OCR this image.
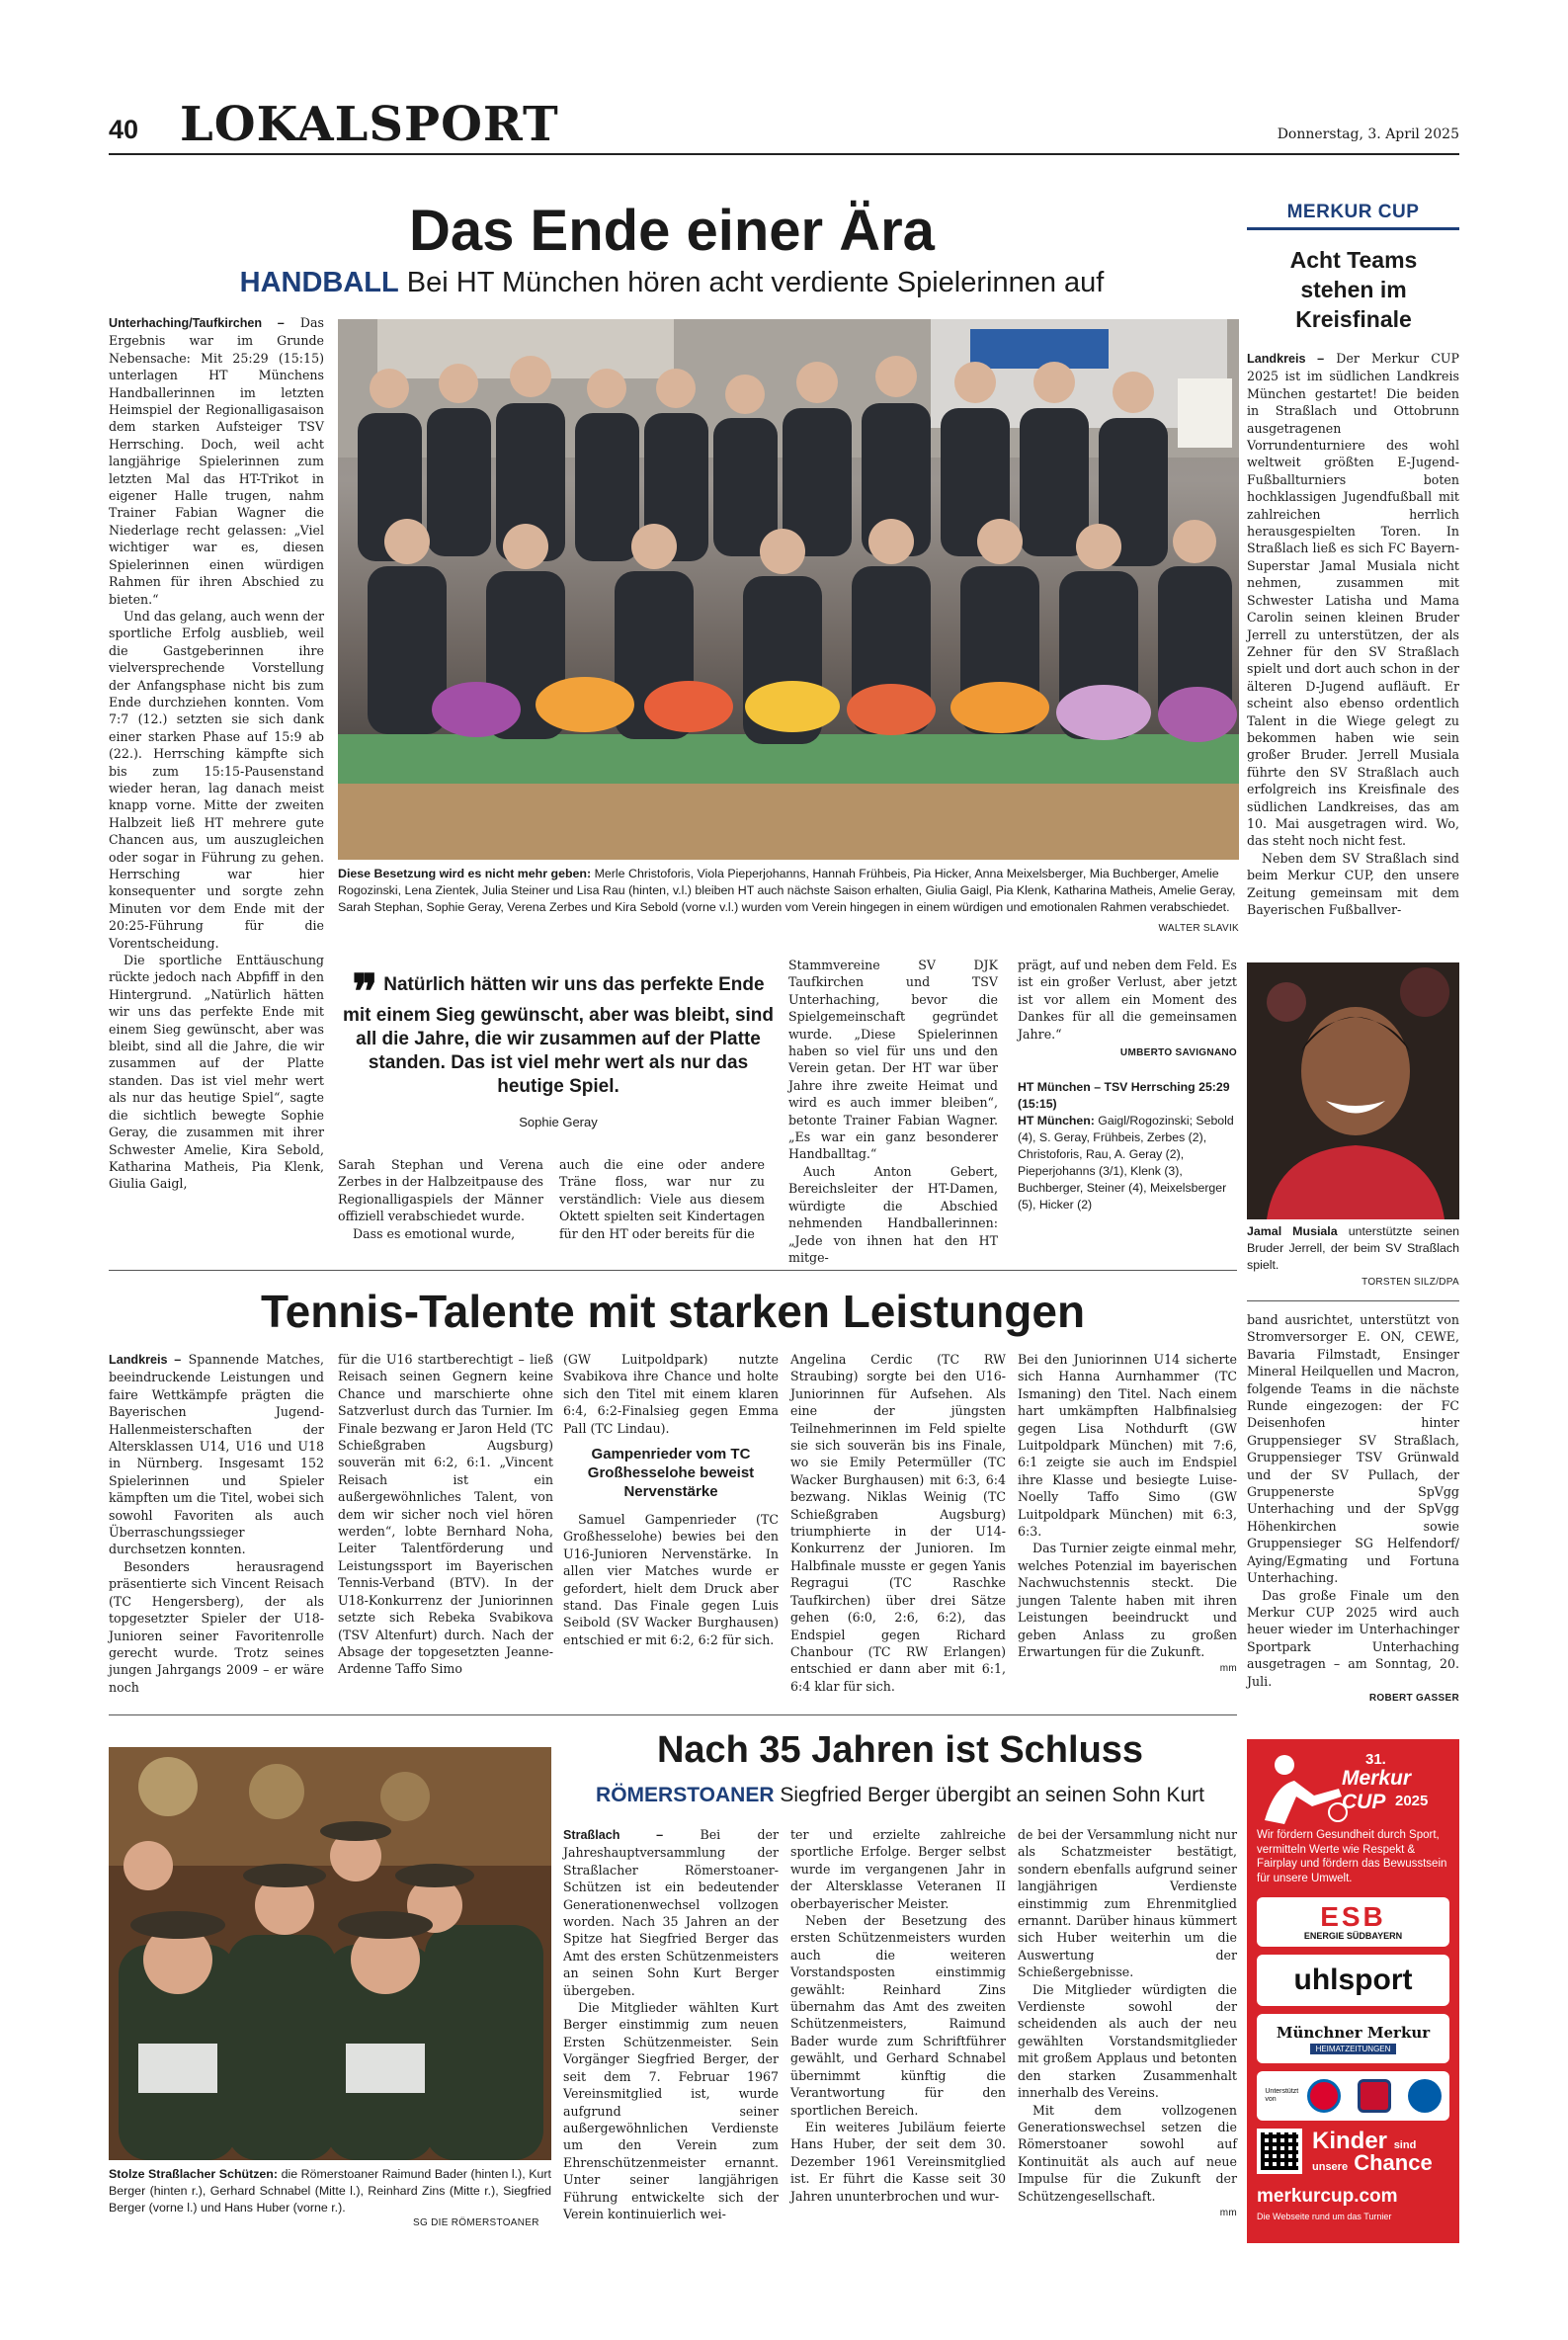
40 LOKALSPORT	Donnerstag, 3. April 2025
Das Ende einer Ära
HANDBALL Bei HT München hören acht verdiente Spielerinnen auf

Unterhaching/Taufkirchen – Das Ergebnis war im Grunde Nebensache: Mit 25:29 (15:15) unterlagen HT Münchens Handballerinnen im letzten Heimspiel der Regionalligasaison dem starken Aufsteiger TSV Herrsching. Doch, weil acht langjährige Spielerinnen zum letzten Mal das HT-Trikot in eigener Halle trugen, nahm Trainer Fabian Wagner die Niederlage recht gelassen: „Viel wichtiger war es, diesen Spielerinnen einen würdigen Rahmen für ihren Abschied zu bieten.“

Und das gelang, auch wenn der sportliche Erfolg ausblieb, weil die Gastgeberinnen ihre vielversprechende Vorstellung der Anfangsphase nicht bis zum Ende durchziehen konnten. Vom 7:7 (12.) setzten sie sich dank einer starken Phase auf 15:9 ab (22.). Herrsching kämpfte sich bis zum 15:15-Pausenstand wieder heran, lag danach meist knapp vorne. Mitte der zweiten Halbzeit ließ HT mehrere gute Chancen aus, um auszugleichen oder sogar in Führung zu gehen. Herrsching war hier konsequenter und sorgte zehn Minuten vor dem Ende mit der 20:25-Führung für die Vorentscheidung.

Die sportliche Enttäuschung rückte jedoch nach Abpfiff in den Hintergrund. „Natürlich hätten wir uns das perfekte Ende mit einem Sieg gewünscht, aber was bleibt, sind all die Jahre, die wir zusammen auf der Platte standen. Das ist viel mehr wert als nur das heutige Spiel“, sagte die sichtlich bewegte Sophie Geray, die zusammen mit ihrer Schwester Amelie, Kira Sebold, Katharina Matheis, Pia Klenk, Giulia Gaigl,

Diese Besetzung wird es nicht mehr geben: Merle Christoforis, Viola Pieperjohanns, Hannah Frühbeis, Pia Hicker, Anna Meixelsberger, Mia Buchberger, Amelie Rogozinski, Lena Zientek, Julia Steiner und Lisa Rau (hinten, v.l.) bleiben HT auch nächste Saison erhalten, Giulia Gaigl, Pia Klenk, Katharina Matheis, Amelie Geray, Sarah Stephan, Sophie Geray, Verena Zerbes und Kira Sebold (vorne v.l.) wurden vom Verein hingegen in einem würdigen und emotionalen Rahmen verabschiedet.
WALTER SLAVIK
❞ Natürlich hätten wir uns das perfekte Ende mit einem Sieg gewünscht, aber was bleibt, sind all die Jahre, die wir zusammen auf der Platte standen. Das ist viel mehr wert als nur das heutige Spiel.
Sophie Geray

Sarah Stephan und Verena Zerbes in der Halbzeitpause des Regionalligaspiels der Männer offiziell verabschiedet wurde.

Dass es emotional wurde,

auch die eine oder andere Träne floss, war nur zu verständlich: Viele aus diesem Oktett spielten seit Kindertagen für den HT oder bereits für die

Stammvereine SV DJK Taufkirchen und TSV Unterhaching, bevor die Spielgemeinschaft gegründet wurde. „Diese Spielerinnen haben so viel für uns und den Verein getan. Der HT war über Jahre ihre zweite Heimat und wird es auch immer bleiben“, betonte Trainer Fabian Wagner. „Es war ein ganz besonderer Handballtag.“

Auch Anton Gebert, Bereichsleiter der HT-Damen, würdigte die Abschied nehmenden Handballerinnen: „Jede von ihnen hat den HT mitge-

prägt, auf und neben dem Feld. Es ist ein großer Verlust, aber jetzt ist vor allem ein Moment des Dankes für all die gemeinsamen Jahre.“

UMBERTO SAVIGNANO
HT München – TSV Herrsching 25:29 (15:15)
HT München: Gaigl/Rogozinski; Sebold (4), S. Geray, Frühbeis, Zerbes (2), Christoforis, Rau, A. Geray (2), Pieperjohanns (3/1), Klenk (3), Buchberger, Steiner (4), Meixelsberger (5), Hicker (2)
MERKUR CUP
Acht Teams stehen im Kreisfinale

Landkreis – Der Merkur CUP 2025 ist im südlichen Landkreis München gestartet! Die beiden in Straßlach und Ottobrunn ausgetragenen Vorrundenturniere des wohl weltweit größten E-Jugend-Fußballturniers boten hochklassigen Jugendfußball mit zahlreichen herrlich herausgespielten Toren. In Straßlach ließ es sich FC Bayern-Superstar Jamal Musiala nicht nehmen, zusammen mit Schwester Latisha und Mama Carolin seinen kleinen Bruder Jerrell zu unterstützen, der als Zehner für den SV Straßlach spielt und dort auch schon in der älteren D-Jugend aufläuft. Er scheint also ebenso ordentlich Talent in die Wiege gelegt zu bekommen haben wie sein großer Bruder. Jerrell Musiala führte den SV Straßlach auch erfolgreich ins Kreisfinale des südlichen Landkreises, das am 10. Mai ausgetragen wird. Wo, das steht noch nicht fest.

Neben dem SV Straßlach sind beim Merkur CUP, den unsere Zeitung gemeinsam mit dem Bayerischen Fußballver-

Jamal Musiala unterstützte seinen Bruder Jerrell, der beim SV Straßlach spielt.
TORSTEN SILZ/DPA
Tennis-Talente mit starken Leistungen

Landkreis – Spannende Matches, beeindruckende Leistungen und faire Wettkämpfe prägten die Bayerischen Jugend-Hallenmeisterschaften der Altersklassen U14, U16 und U18 in Nürnberg. Insgesamt 152 Spielerinnen und Spieler kämpften um die Titel, wobei sich sowohl Favoriten als auch Überraschungssieger durchsetzen konnten.

Besonders herausragend präsentierte sich Vincent Reisach (TC Hengersberg), der als topgesetzter Spieler der U18-Junioren seiner Favoritenrolle gerecht wurde. Trotz seines jungen Jahrgangs 2009 – er wäre noch

für die U16 startberechtigt – ließ Reisach seinen Gegnern keine Chance und marschierte ohne Satzverlust durch das Turnier. Im Finale bezwang er Jaron Held (TC Schießgraben Augsburg) souverän mit 6:2, 6:1. „Vincent Reisach ist ein außergewöhnliches Talent, von dem wir sicher noch viel hören werden“, lobte Bernhard Noha, Leiter Talentförderung und Leistungssport im Bayerischen Tennis-Verband (BTV). In der U18-Konkurrenz der Juniorinnen setzte sich Rebeka Svabikova (TSV Altenfurt) durch. Nach der Absage der topgesetzten Jeanne-Ardenne Taffo Simo

(GW Luitpoldpark) nutzte Svabikova ihre Chance und holte sich den Titel mit einem klaren 6:4, 6:2-Finalsieg gegen Emma Pall (TC Lindau).

Gampenrieder vom TC Großhesselohe beweist Nervenstärke

Samuel Gampenrieder (TC Großhesselohe) bewies bei den U16-Junioren Nervenstärke. In allen vier Matches wurde er gefordert, hielt dem Druck aber stand. Das Finale gegen Luis Seibold (SV Wacker Burghausen) entschied er mit 6:2, 6:2 für sich.

Angelina Cerdic (TC RW Straubing) sorgte bei den U16-Juniorinnen für Aufsehen. Als eine der jüngsten Teilnehmerinnen im Feld spielte sie sich souverän bis ins Finale, wo sie Emily Petermüller (TC Wacker Burghausen) mit 6:3, 6:4 bezwang. Niklas Weinig (TC Schießgraben Augsburg) triumphierte in der U14-Konkurrenz der Junioren. Im Halbfinale musste er gegen Yanis Regragui (TC Raschke Taufkirchen) über drei Sätze gehen (6:0, 2:6, 6:2), das Endspiel gegen Richard Chanbour (TC RW Erlangen) entschied er dann aber mit 6:1, 6:4 klar für sich.

Bei den Juniorinnen U14 sicherte sich Hanna Aurnhammer (TC Ismaning) den Titel. Nach einem hart umkämpften Halbfinalsieg gegen Lisa Nothdurft (GW Luitpoldpark München) mit 7:6, 6:1 zeigte sie auch im Endspiel ihre Klasse und besiegte Luise-Noelly Taffo Simo (GW Luitpoldpark München) mit 6:3, 6:3.

Das Turnier zeigte einmal mehr, welches Potenzial im bayerischen Nachwuchstennis steckt. Die jungen Talente haben mit ihren Leistungen beeindruckt und geben Anlass zu großen Erwartungen für die Zukunft.

mm

band ausrichtet, unterstützt von Stromversorger E. ON, CEWE, Bavaria Filmstadt, Ensinger Mineral Heilquellen und Macron, folgende Teams in die nächste Runde eingezogen: der FC Deisenhofen hinter Gruppensieger SV Straßlach, Gruppensieger TSV Grünwald und der SV Pullach, der Gruppenerste SpVgg Unterhaching und der SpVgg Höhenkirchen sowie Gruppensieger SG Helfendorf/ Aying/Egmating und Fortuna Unterhaching.

Das große Finale um den Merkur CUP 2025 wird auch heuer wieder im Unterhachinger Sportpark Unterhaching ausgetragen – am Sonntag, 20. Juli.

ROBERT GASSER
Stolze Straßlacher Schützen: die Römerstoaner Raimund Bader (hinten l.), Kurt Berger (hinten r.), Gerhard Schnabel (Mitte l.), Reinhard Zins (Mitte r.), Siegfried Berger (vorne l.) und Hans Huber (vorne r.).
SG DIE RÖMERSTOANER
Nach 35 Jahren ist Schluss
RÖMERSTOANER Siegfried Berger übergibt an seinen Sohn Kurt

Straßlach –	Bei der Jahreshauptversammlung der Straßlacher Römerstoaner-Schützen ist ein bedeutender Generationenwechsel vollzogen worden. Nach 35 Jahren an der Spitze hat Siegfried Berger das Amt des ersten Schützenmeisters an seinen Sohn Kurt Berger übergeben.

Die Mitglieder wählten Kurt Berger einstimmig zum neuen Ersten Schützenmeister. Sein Vorgänger Siegfried Berger, der seit dem 7. Februar 1967 Vereinsmitglied ist, wurde aufgrund seiner außergewöhnlichen Verdienste um den Verein zum Ehrenschützenmeister ernannt. Unter seiner langjährigen Führung entwickelte sich der Verein kontinuierlich wei-

ter und erzielte zahlreiche sportliche Erfolge. Berger selbst wurde im vergangenen Jahr in der Altersklasse Veteranen II oberbayerischer Meister.

Neben der Besetzung des ersten Schützenmeisters wurden auch die weiteren Vorstandsposten einstimmig gewählt: Reinhard Zins übernahm das Amt des zweiten Schützenmeisters, Raimund Bader wurde zum Schriftführer gewählt, und Gerhard Schnabel übernimmt künftig die Verantwortung für den sportlichen Bereich.

Ein weiteres Jubiläum feierte Hans Huber, der seit dem 30. Dezember 1961 Vereinsmitglied ist. Er führt die Kasse seit 30 Jahren ununterbrochen und wur-

de bei der Versammlung nicht nur als Schatzmeister bestätigt, sondern ebenfalls aufgrund seiner langjährigen Verdienste einstimmig zum Ehrenmitglied ernannt. Darüber hinaus kümmert sich Huber weiterhin um die Auswertung der Schießergebnisse.

Die Mitglieder würdigten die Verdienste sowohl der scheidenden als auch der neu gewählten Vorstandsmitglieder mit großem Applaus und betonten den starken Zusammenhalt innerhalb des Vereins.

Mit dem vollzogenen Generationswechsel setzen die Römerstoaner sowohl auf Kontinuität als auch auf neue Impulse für die Zukunft der Schützengesellschaft.

mm
31.
Merkur CUP 2025
Wir fördern Gesundheit durch Sport, vermitteln Werte wie Respekt & Fairplay und fördern das Bewusstsein für unsere Umwelt.
ESB
ENERGIE SÜDBAYERN
uhlsport
Münchner Merkur
HEIMATZEITUNGEN
Unterstützt von
Kinder sind
unsere Chance
merkurcup.com
Die Webseite rund um das Turnier
